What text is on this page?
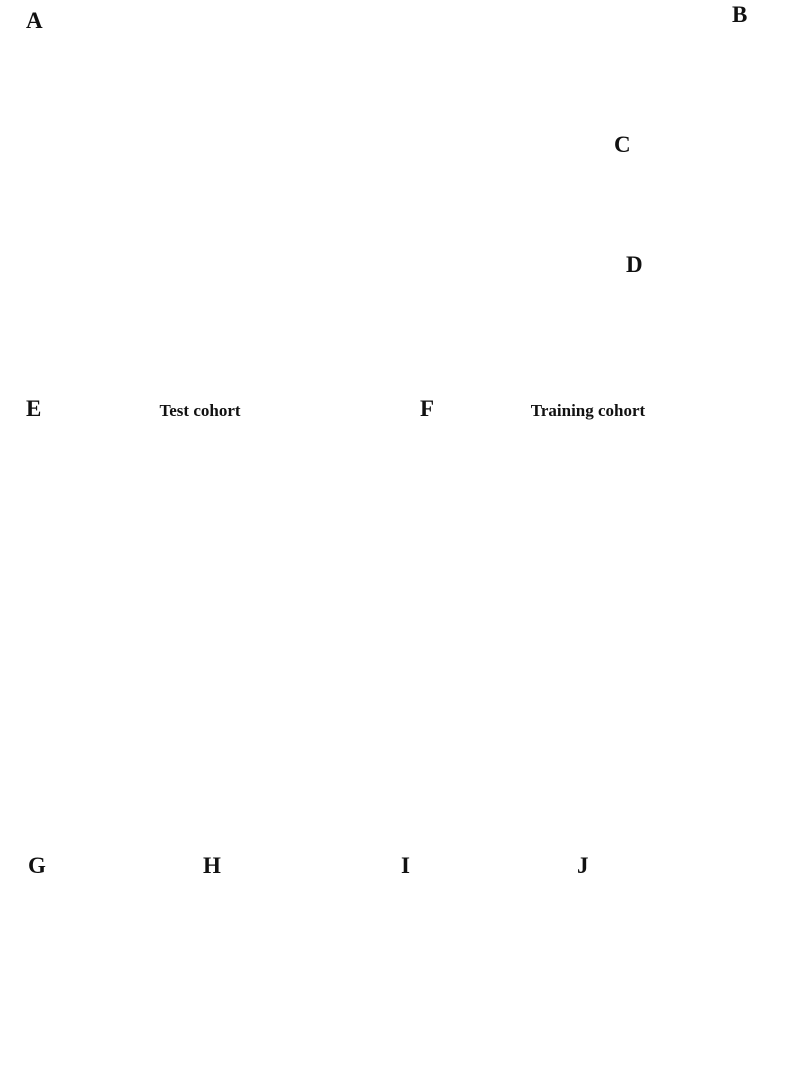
A	B
C
D
E	F
G	H	I	J
Test cohort	Training cohort
